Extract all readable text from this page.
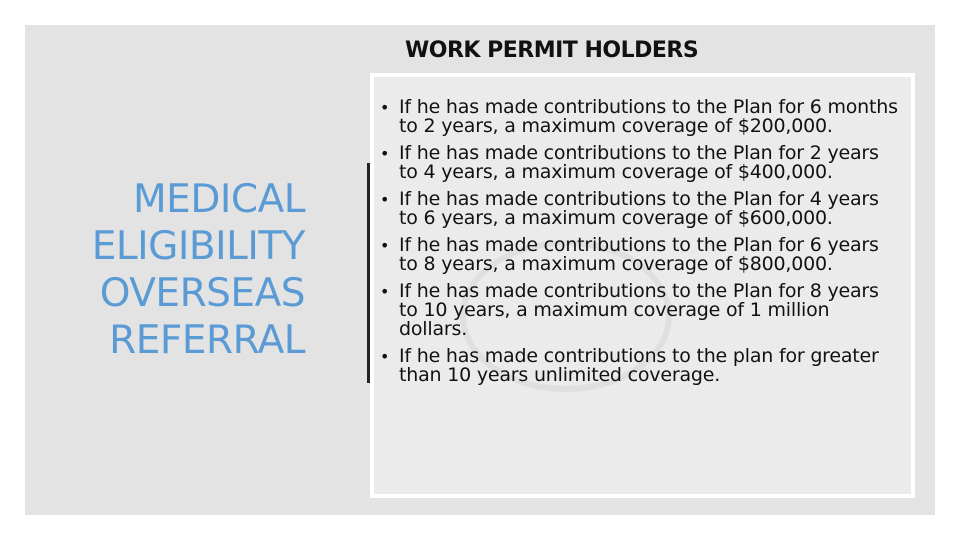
WORK PERMIT HOLDERS
MEDICAL
ELIGIBILITY
OVERSEAS
REFERRAL
• If he has made contributions to the Plan for 6 months to 2 years, a maximum coverage of $200,000.
• If he has made contributions to the Plan for 2 years to 4 years, a maximum coverage of $400,000.
• If he has made contributions to the Plan for 4 years to 6 years, a maximum coverage of $600,000.
• If he has made contributions to the Plan for 6 years to 8 years, a maximum coverage of $800,000.
• If he has made contributions to the Plan for 8 years to 10 years, a maximum coverage of 1 million dollars.
• If he has made contributions to the plan for greater than 10 years unlimited coverage.
